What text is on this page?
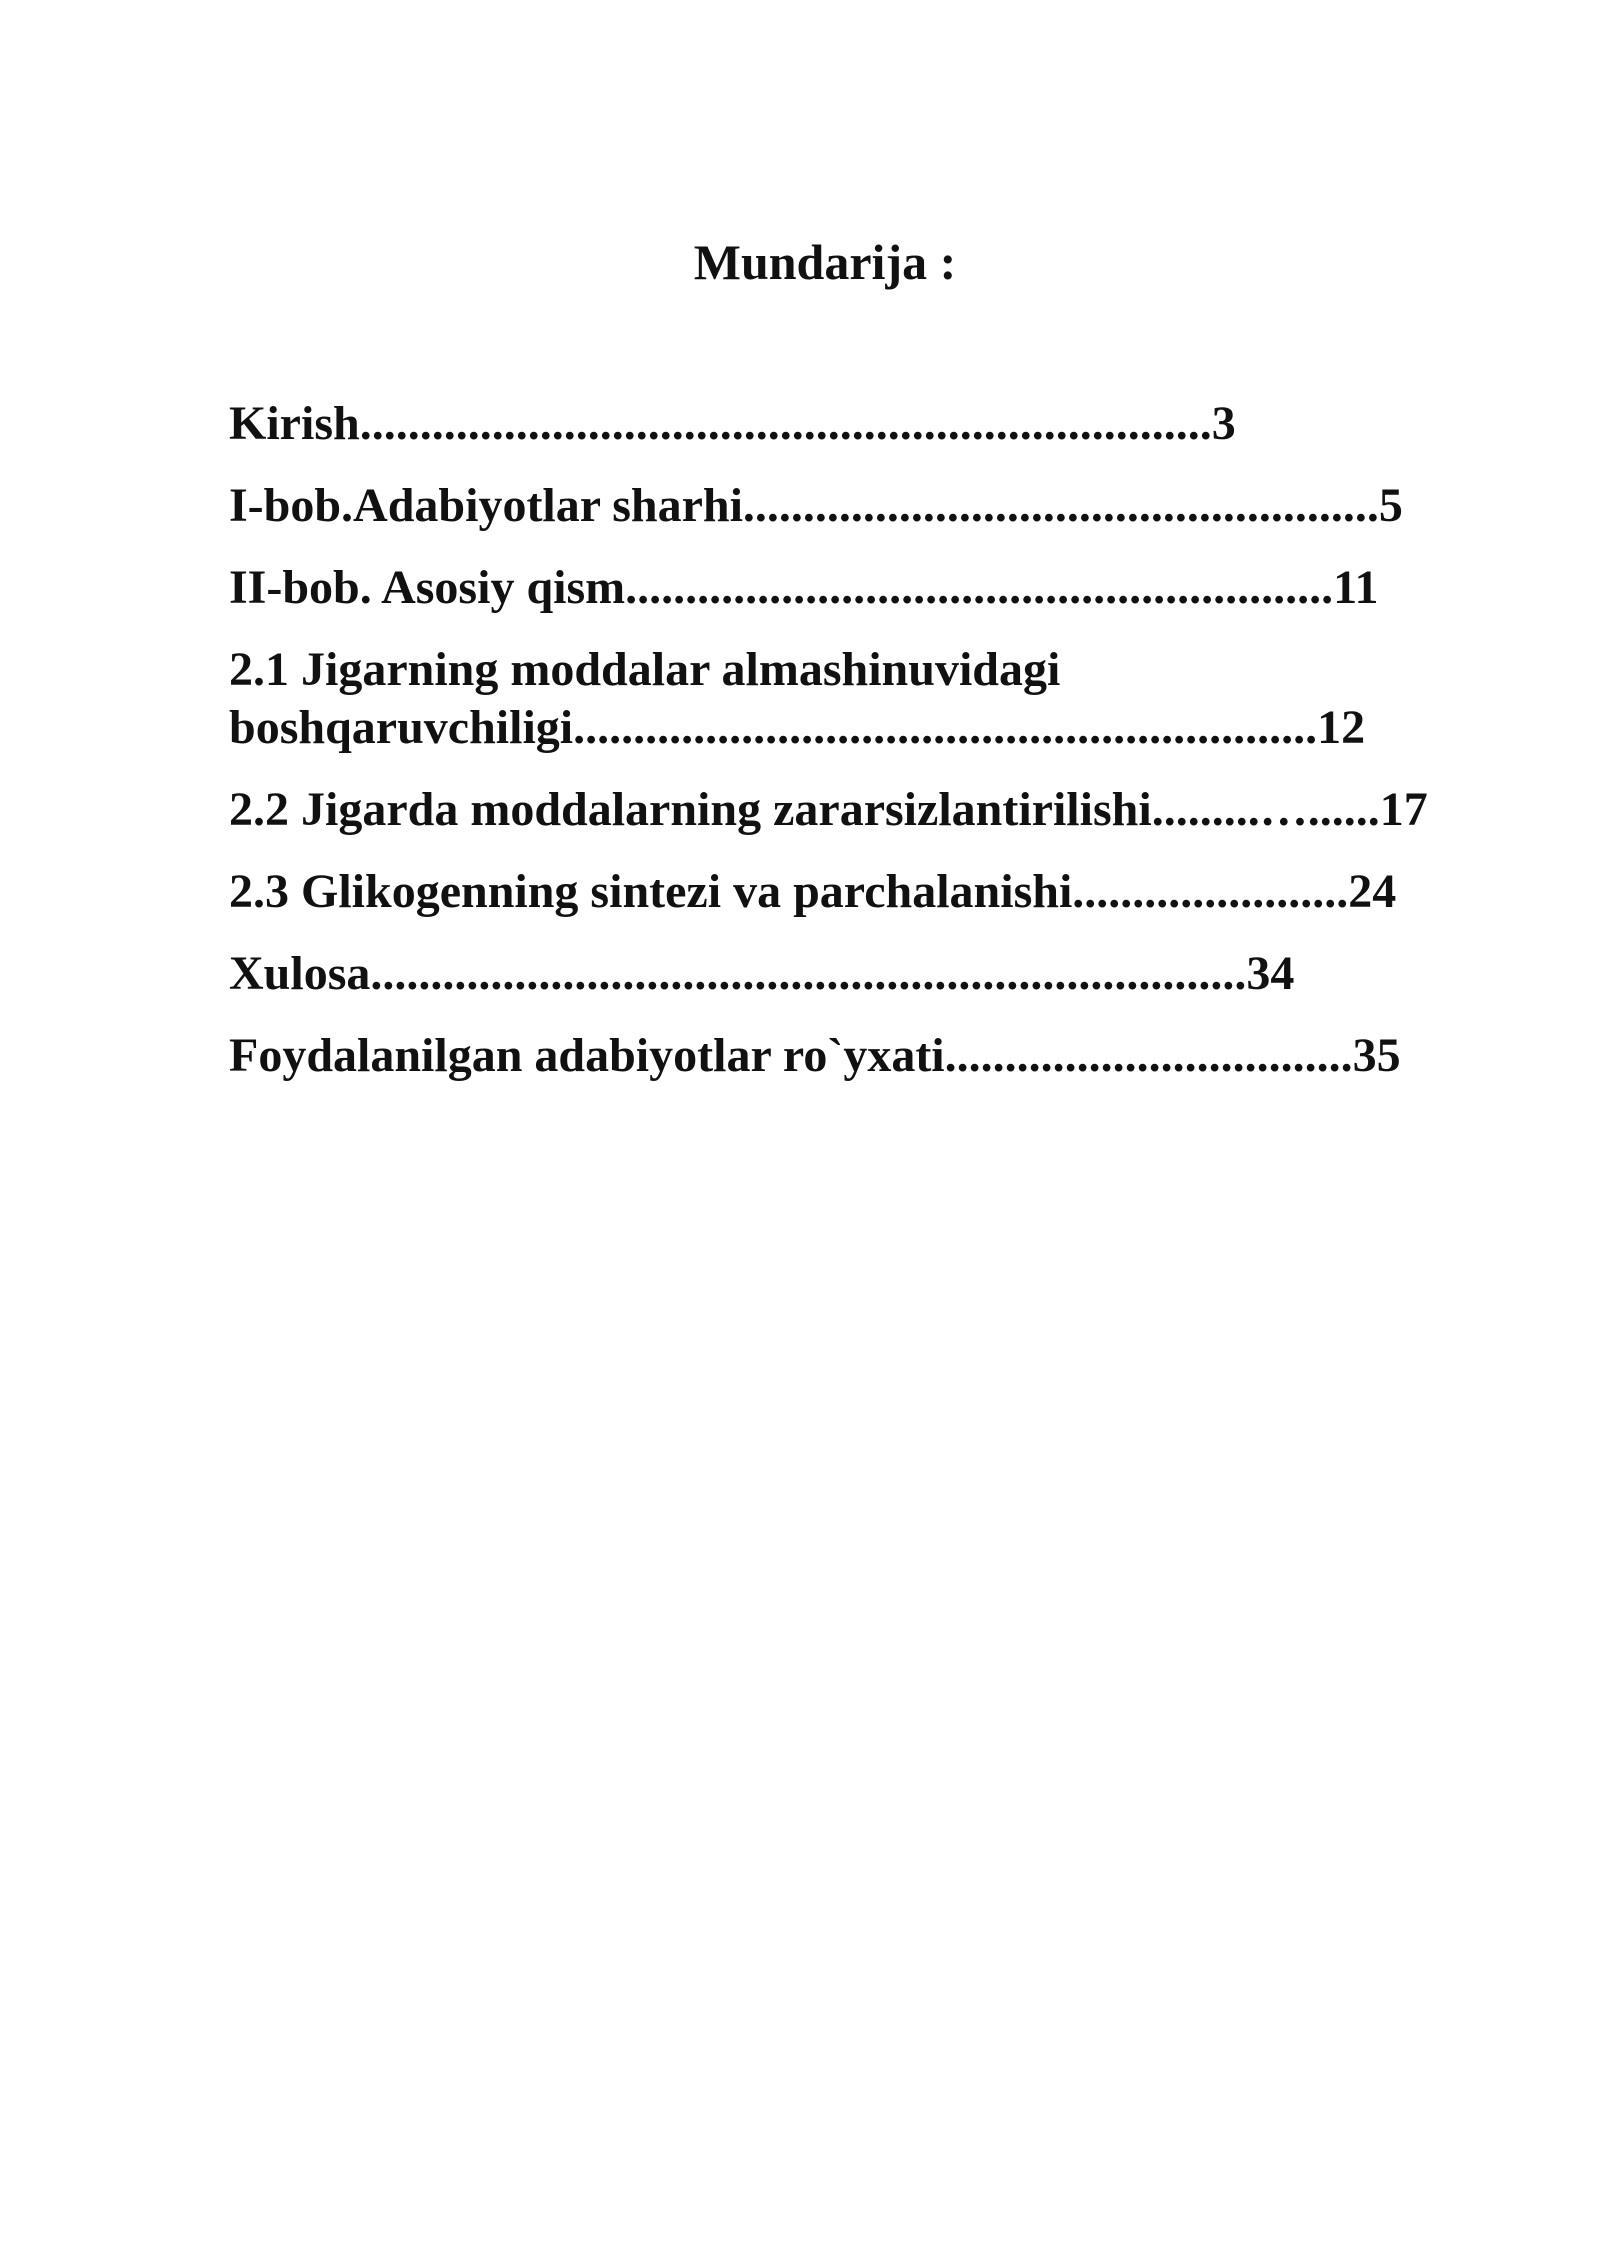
Mundarija :

Kirish.......................................................................3

I-bob.Adabiyotlar sharhi.....................................................5

II-bob. Asosiy qism...........................................................11

2.1 Jigarning moddalar almashinuvidagi

boshqaruvchiligi..............................................................12

2.2 Jigarda moddalarning zararsizlantirilishi.........…......17

2.3 Glikogenning sintezi va parchalanishi.......................24

Xulosa.........................................................................34

Foydalanilgan adabiyotlar ro`yxati..................................35
